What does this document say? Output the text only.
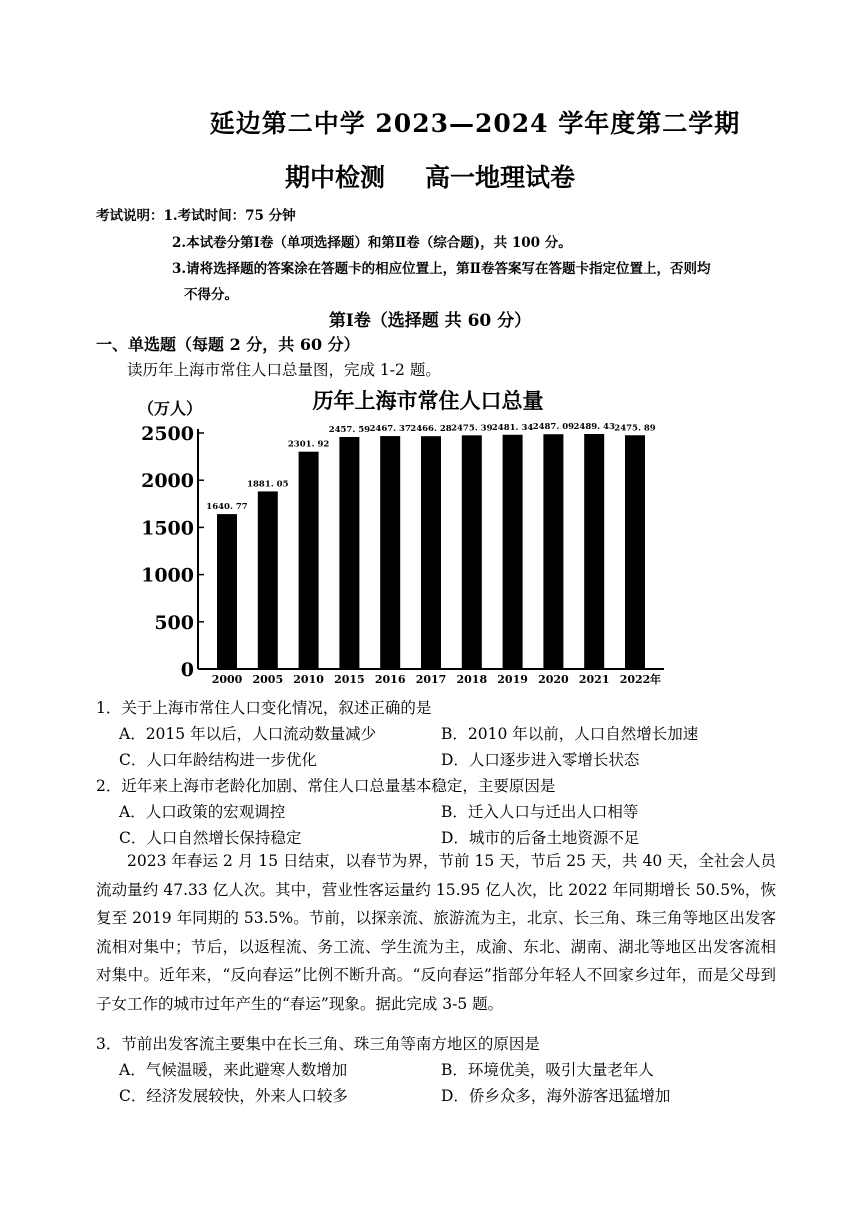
延边第二中学 2023—2024 学年度第二学期
期中检测 高一地理试卷
考试说明：1.考试时间：75 分钟
2.本试卷分第Ⅰ卷（单项选择题）和第Ⅱ卷（综合题)，共 100 分。
3.请将选择题的答案涂在答题卡的相应位置上，第Ⅱ卷答案写在答题卡指定位置上，否则均
不得分。
第Ⅰ卷（选择题 共 60 分）
一、单选题（每题 2 分，共 60 分）
读历年上海市常住人口总量图，完成 1-2 题。
历年上海市常住人口总量
（万人）
0
500
1000
1500
2000
2500
1640. 77
2000
1881. 05
2005
2301. 92
2010
2457. 59
2015
2467. 37
2016
2466. 28
2017
2475. 39
2018
2481. 34
2019
2487. 09
2020
2489. 43
2021
2475. 89
2022 年
1．关于上海市常住人口变化情况，叙述正确的是
A．2015 年以后，人口流动数量减少	B．2010 年以前，人口自然增长加速
C．人口年龄结构进一步优化	D．人口逐步进入零增长状态
2．近年来上海市老龄化加剧、常住人口总量基本稳定，主要原因是
A．人口政策的宏观调控	B．迁入人口与迁出人口相等
C．人口自然增长保持稳定	D．城市的后备土地资源不足
2023 年春运 2 月 15 日结束，以春节为界，节前 15 天，节后 25 天，共 40 天，全社会人员流动量约 47.33 亿人次。其中，营业性客运量约 15.95 亿人次，比 2022 年同期增长 50.5%，恢复至 2019 年同期的 53.5%。节前，以探亲流、旅游流为主，北京、长三角、珠三角等地区出发客流相对集中；节后，以返程流、务工流、学生流为主，成渝、东北、湖南、湖北等地区出发客流相对集中。近年来，“反向春运”比例不断升高。“反向春运”指部分年轻人不回家乡过年，而是父母到子女工作的城市过年产生的“春运”现象。据此完成 3-5 题。
3．节前出发客流主要集中在长三角、珠三角等南方地区的原因是
A．气候温暖，来此避寒人数增加	B．环境优美，吸引大量老年人
C．经济发展较快，外来人口较多	D．侨乡众多，海外游客迅猛增加
